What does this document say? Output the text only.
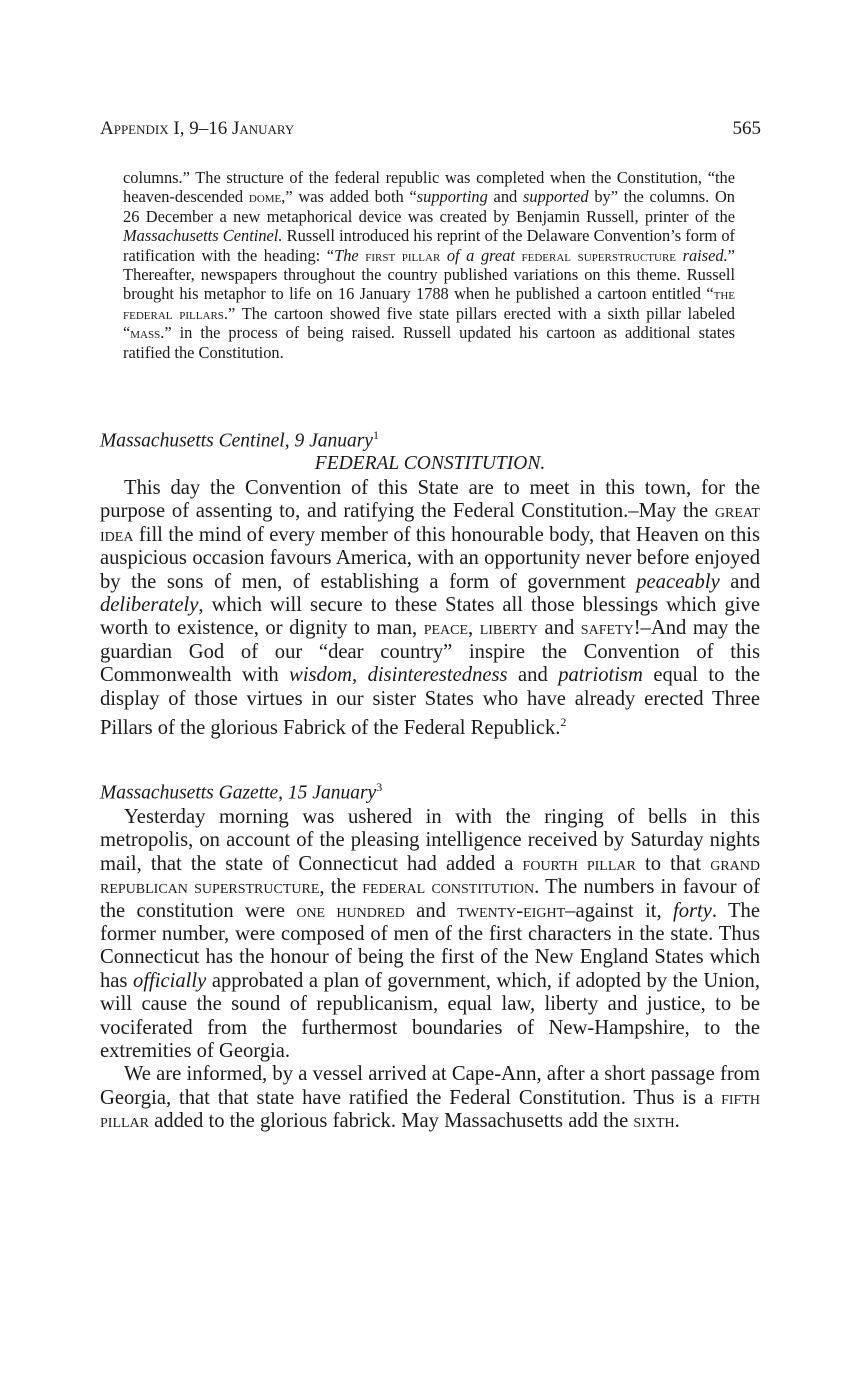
Appendix I, 9–16 January	565

columns.” The structure of the federal republic was completed when the Constitution, “the heaven-descended dome,” was added both “supporting and supported by” the columns. On 26 December a new metaphorical device was created by Benjamin Russell, printer of the Massachusetts Centinel. Russell introduced his reprint of the Delaware Convention’s form of ratification with the heading: “The first pillar of a great federal superstructure raised.” Thereafter, newspapers throughout the country published variations on this theme. Russell brought his metaphor to life on 16 January 1788 when he published a cartoon entitled “the federal pillars.” The cartoon showed five state pillars erected with a sixth pillar labeled “mass.” in the process of being raised. Russell updated his cartoon as additional states ratified the Constitution.

Massachusetts Centinel, 9 January$^1$
FEDERAL CONSTITUTION.

This day the Convention of this State are to meet in this town, for the purpose of assenting to, and ratifying the Federal Constitution.–May the great idea fill the mind of every member of this honourable body, that Heaven on this auspicious occasion favours America, with an opportunity never before enjoyed by the sons of men, of establishing a form of government peaceably and deliberately, which will secure to these States all those blessings which give worth to existence, or dignity to man, peace, liberty and safety!–And may the guardian God of our “dear country” inspire the Convention of this Commonwealth with wisdom, disinterestedness and patriotism equal to the display of those virtues in our sister States who have already erected Three Pillars of the glorious Fabrick of the Federal Republick.$^2$

Massachusetts Gazette, 15 January$^3$

Yesterday morning was ushered in with the ringing of bells in this metropolis, on account of the pleasing intelligence received by Saturday nights mail, that the state of Connecticut had added a fourth pillar to that grand republican superstructure, the federal constitution. The numbers in favour of the constitution were one hundred and twenty-eight–against it, forty. The former number, were composed of men of the first characters in the state. Thus Connecticut has the honour of being the first of the New England States which has officially approbated a plan of government, which, if adopted by the Union, will cause the sound of republicanism, equal law, liberty and justice, to be vociferated from the furthermost boundaries of New-Hampshire, to the extremities of Georgia.

We are informed, by a vessel arrived at Cape-Ann, after a short passage from Georgia, that that state have ratified the Federal Constitution. Thus is a fifth pillar added to the glorious fabrick. May Massachusetts add the sixth.
